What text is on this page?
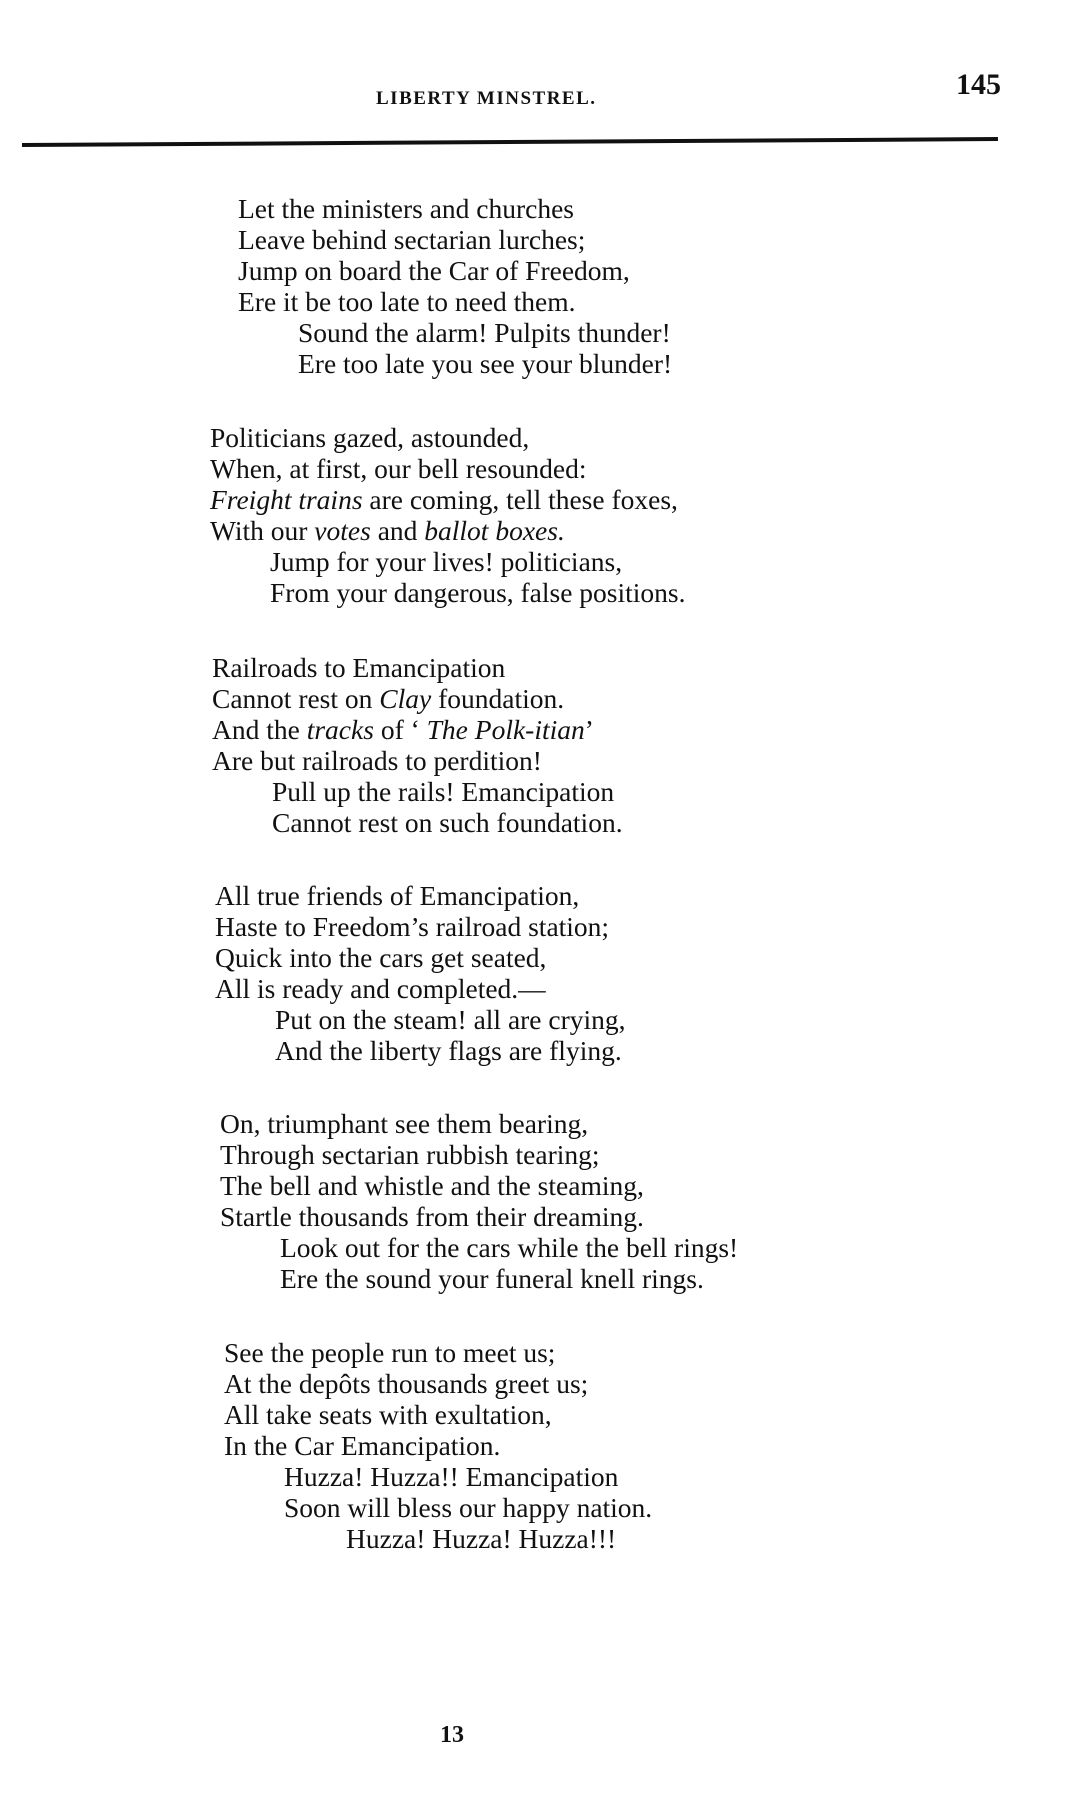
LIBERTY MINSTREL.	145
Let the ministers and churches
Leave behind sectarian lurches;
Jump on board the Car of Freedom,
Ere it be too late to need them.
Sound the alarm! Pulpits thunder!
Ere too late you see your blunder!
Politicians gazed, astounded,
When, at first, our bell resounded:
Freight trains are coming, tell these foxes,
With our votes and ballot boxes.
Jump for your lives! politicians,
From your dangerous, false positions.
Railroads to Emancipation
Cannot rest on Clay foundation.
And the tracks of ‘ The Polk-itian’
Are but railroads to perdition!
Pull up the rails! Emancipation
Cannot rest on such foundation.
All true friends of Emancipation,
Haste to Freedom’s railroad station;
Quick into the cars get seated,
All is ready and completed.—
Put on the steam! all are crying,
And the liberty flags are flying.
On, triumphant see them bearing,
Through sectarian rubbish tearing;
The bell and whistle and the steaming,
Startle thousands from their dreaming.
Look out for the cars while the bell rings!
Ere the sound your funeral knell rings.
See the people run to meet us;
At the depôts thousands greet us;
All take seats with exultation,
In the Car Emancipation.
Huzza! Huzza!! Emancipation
Soon will bless our happy nation.
Huzza! Huzza! Huzza!!!
13
